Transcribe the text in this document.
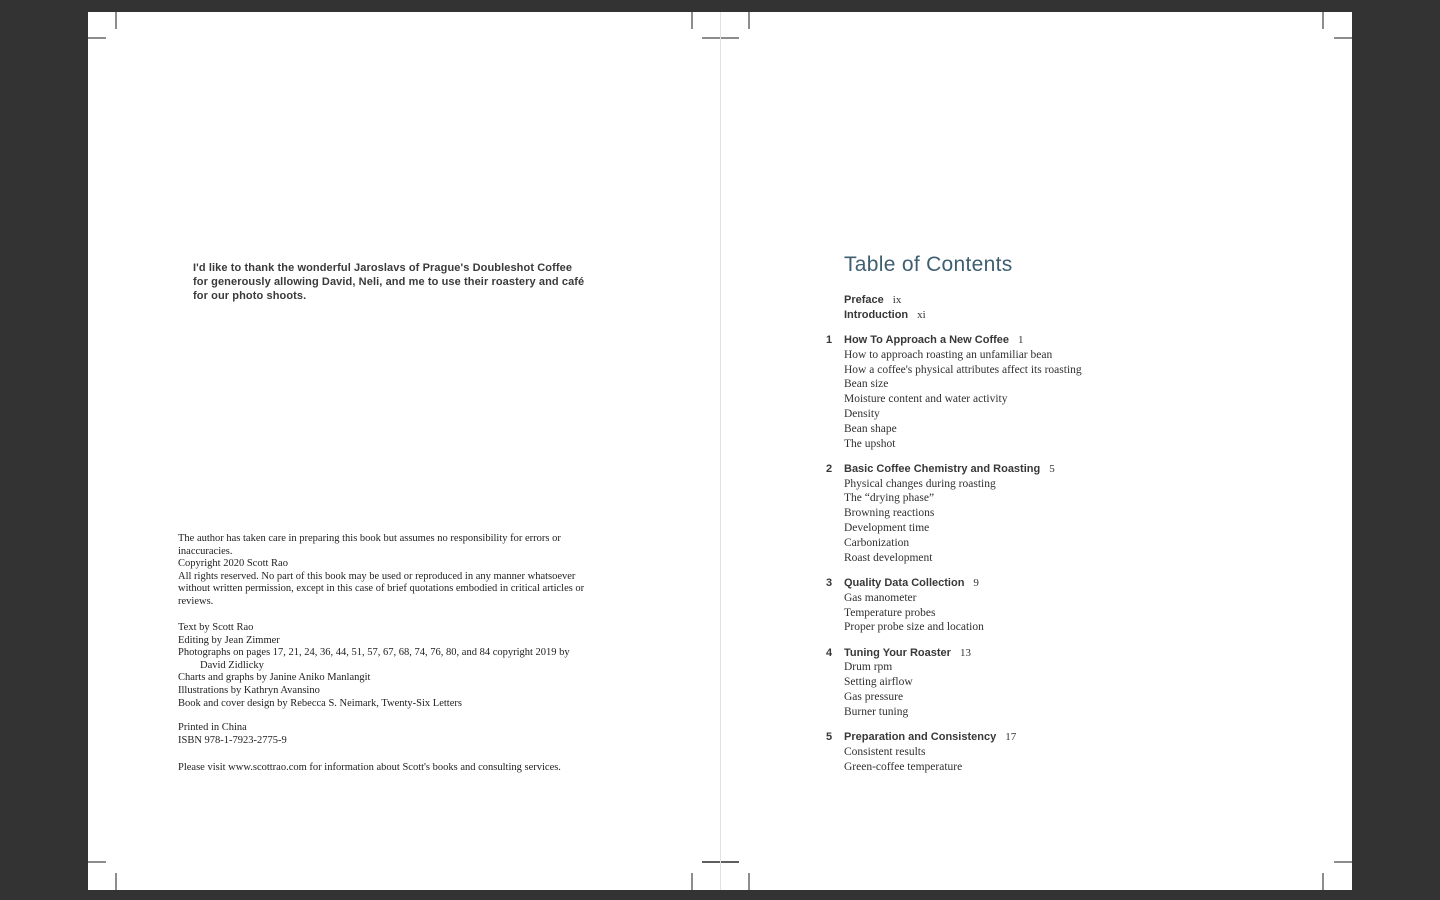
I'd like to thank the wonderful Jaroslavs of Prague's Doubleshot Coffee
for generously allowing David, Neli, and me to use their roastery and café
for our photo shoots.
The author has taken care in preparing this book but assumes no responsibility for errors or
inaccuracies.
Copyright 2020 Scott Rao
All rights reserved. No part of this book may be used or reproduced in any manner whatsoever
without written permission, except in this case of brief quotations embodied in critical articles or
reviews.
Text by Scott Rao
Editing by Jean Zimmer
Photographs on pages 17, 21, 24, 36, 44, 51, 57, 67, 68, 74, 76, 80, and 84 copyright 2019 by
David Zidlicky
Charts and graphs by Janine Aniko Manlangit
Illustrations by Kathryn Avansino
Book and cover design by Rebecca S. Neimark, Twenty-Six Letters
Printed in China
ISBN 978-1-7923-2775-9
Please visit www.scottrao.com for information about Scott's books and consulting services.
Table of Contents
Preface ix
Introduction xi
1	How To Approach a New Coffee 1
How to approach roasting an unfamiliar bean
How a coffee's physical attributes affect its roasting
Bean size
Moisture content and water activity
Density
Bean shape
The upshot
2	Basic Coffee Chemistry and Roasting 5
Physical changes during roasting
The “drying phase”
Browning reactions
Development time
Carbonization
Roast development
3	Quality Data Collection 9
Gas manometer
Temperature probes
Proper probe size and location
4	Tuning Your Roaster 13
Drum rpm
Setting airflow
Gas pressure
Burner tuning
5	Preparation and Consistency 17
Consistent results
Green-coffee temperature
